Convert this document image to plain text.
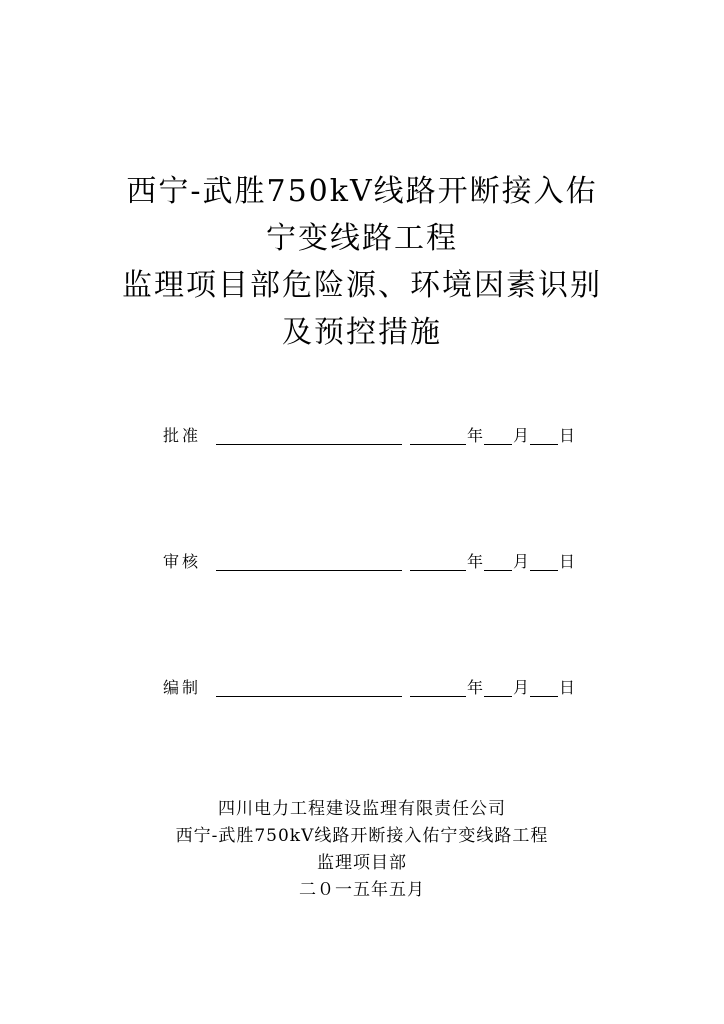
西宁-武胜750kV线路开断接入佑
宁变线路工程
监理项目部危险源、环境因素识别
及预控措施
批准	年 月 日
审核	年 月 日
编制	年 月 日
四川电力工程建设监理有限责任公司
西宁-武胜750kV线路开断接入佑宁变线路工程
监理项目部
二０一五年五月
